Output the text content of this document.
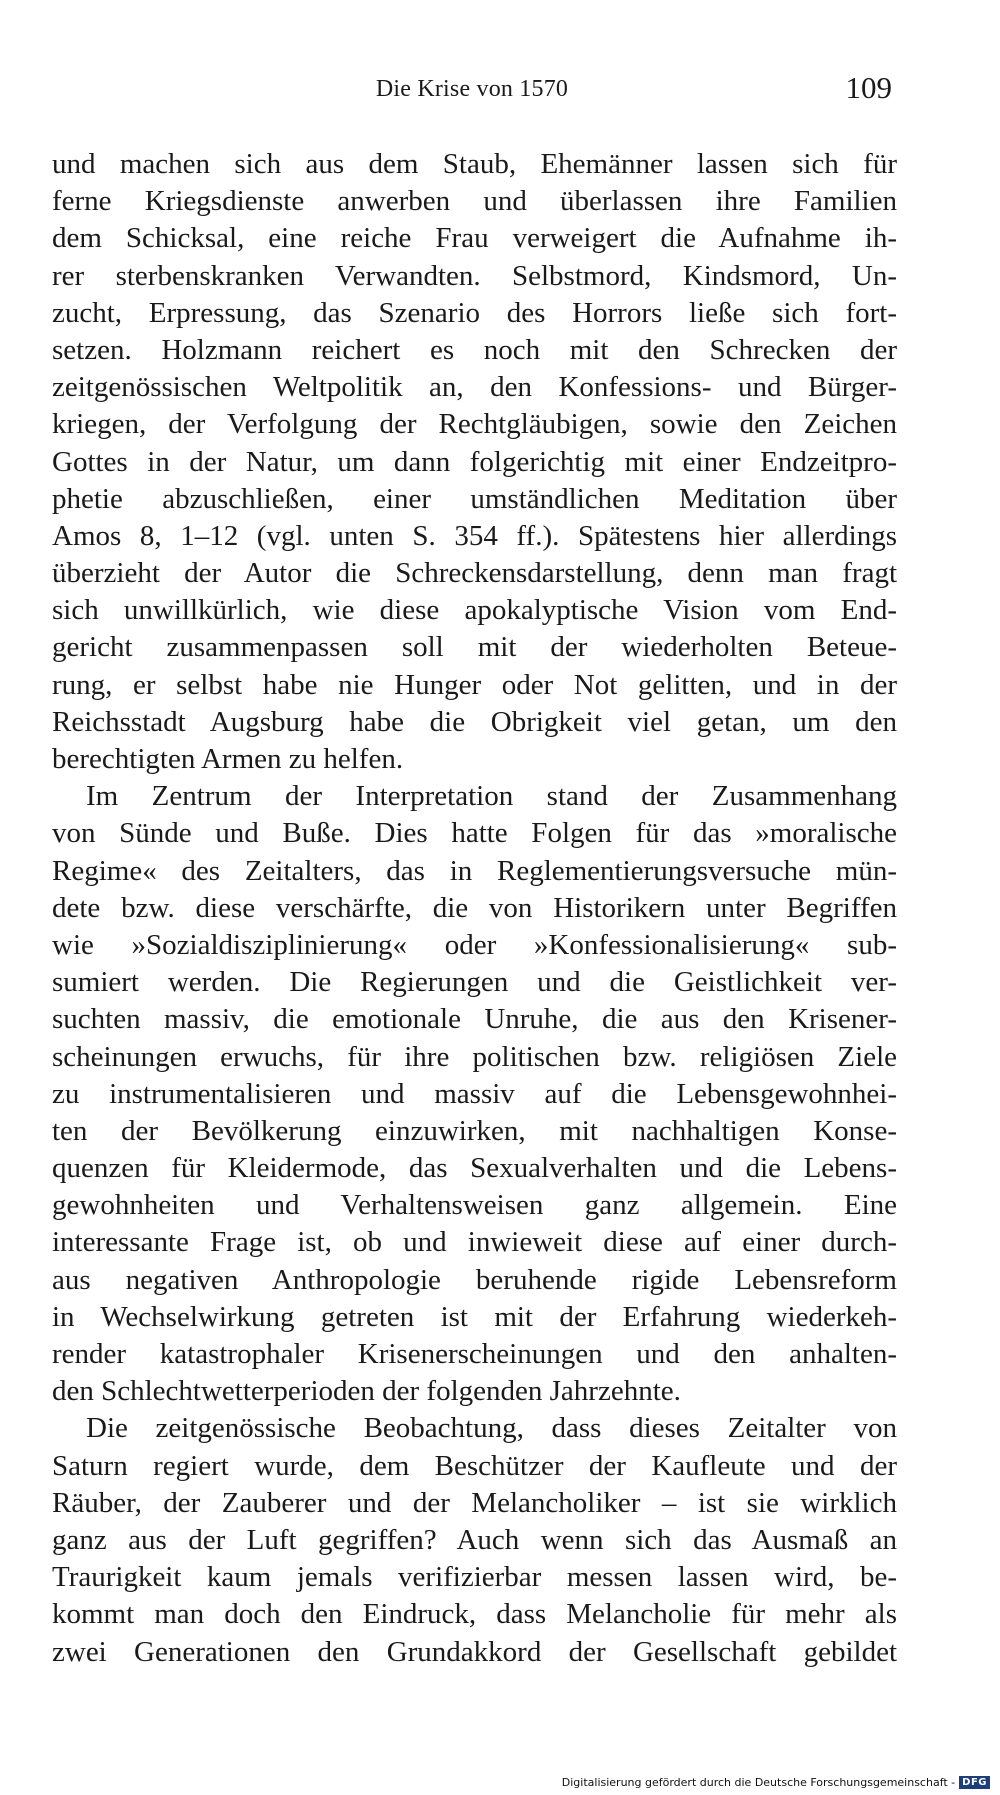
Die Krise von 1570	109
und machen sich aus dem Staub, Ehemänner lassen sich für
ferne Kriegsdienste anwerben und überlassen ihre Familien
dem Schicksal, eine reiche Frau verweigert die Aufnahme ih-
rer sterbenskranken Verwandten. Selbstmord, Kindsmord, Un-
zucht, Erpressung, das Szenario des Horrors ließe sich fort-
setzen. Holzmann reichert es noch mit den Schrecken der
zeitgenössischen Weltpolitik an, den Konfessions- und Bürger-
kriegen, der Verfolgung der Rechtgläubigen, sowie den Zeichen
Gottes in der Natur, um dann folgerichtig mit einer Endzeitpro-
phetie abzuschließen, einer umständlichen Meditation über
Amos 8, 1–12 (vgl. unten S. 354 ff.). Spätestens hier allerdings
überzieht der Autor die Schreckensdarstellung, denn man fragt
sich unwillkürlich, wie diese apokalyptische Vision vom End-
gericht zusammenpassen soll mit der wiederholten Beteue-
rung, er selbst habe nie Hunger oder Not gelitten, und in der
Reichsstadt Augsburg habe die Obrigkeit viel getan, um den
berechtigten Armen zu helfen.
Im Zentrum der Interpretation stand der Zusammenhang
von Sünde und Buße. Dies hatte Folgen für das »moralische
Regime« des Zeitalters, das in Reglementierungsversuche mün-
dete bzw. diese verschärfte, die von Historikern unter Begriffen
wie »Sozialdisziplinierung« oder »Konfessionalisierung« sub-
sumiert werden. Die Regierungen und die Geistlichkeit ver-
suchten massiv, die emotionale Unruhe, die aus den Krisener-
scheinungen erwuchs, für ihre politischen bzw. religiösen Ziele
zu instrumentalisieren und massiv auf die Lebensgewohnhei-
ten der Bevölkerung einzuwirken, mit nachhaltigen Konse-
quenzen für Kleidermode, das Sexualverhalten und die Lebens-
gewohnheiten und Verhaltensweisen ganz allgemein. Eine
interessante Frage ist, ob und inwieweit diese auf einer durch-
aus negativen Anthropologie beruhende rigide Lebensreform
in Wechselwirkung getreten ist mit der Erfahrung wiederkeh-
render katastrophaler Krisenerscheinungen und den anhalten-
den Schlechtwetterperioden der folgenden Jahrzehnte.
Die zeitgenössische Beobachtung, dass dieses Zeitalter von
Saturn regiert wurde, dem Beschützer der Kaufleute und der
Räuber, der Zauberer und der Melancholiker – ist sie wirklich
ganz aus der Luft gegriffen? Auch wenn sich das Ausmaß an
Traurigkeit kaum jemals verifizierbar messen lassen wird, be-
kommt man doch den Eindruck, dass Melancholie für mehr als
zwei Generationen den Grundakkord der Gesellschaft gebildet
Digitalisierung gefördert durch die Deutsche Forschungsgemeinschaft - DFG
